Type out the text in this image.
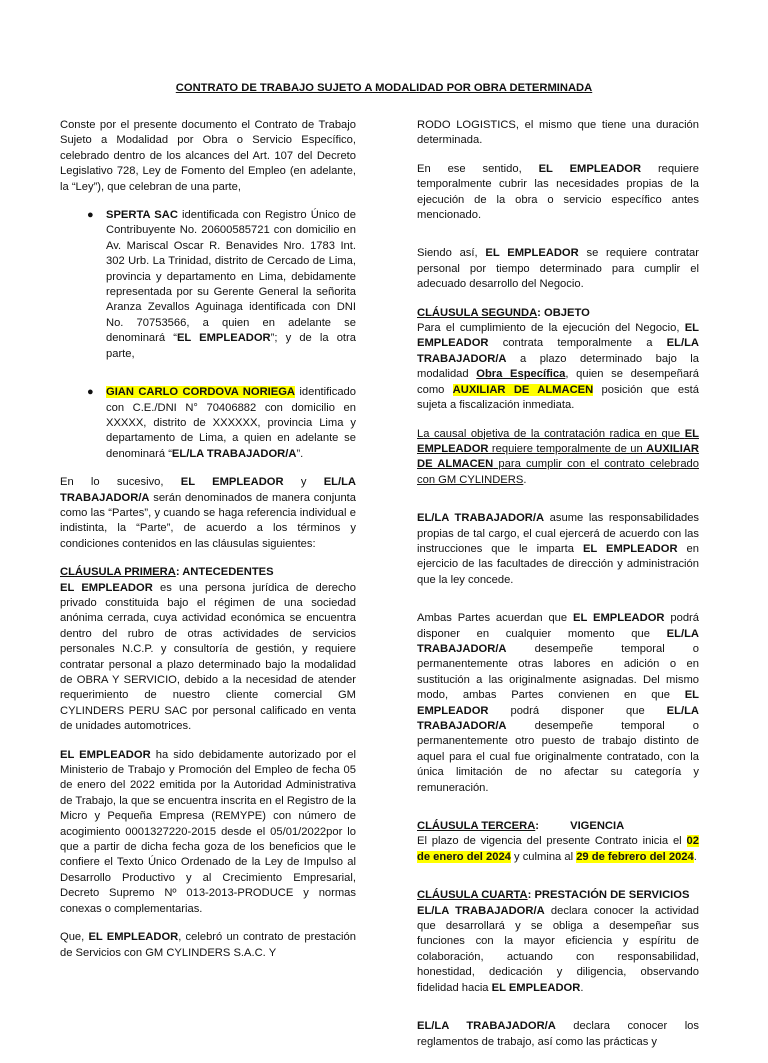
CONTRATO DE TRABAJO SUJETO A MODALIDAD POR OBRA DETERMINADA

Conste por el presente documento el Contrato de Trabajo Sujeto a Modalidad por Obra o Servicio Específico, celebrado dentro de los alcances del Art. 107 del Decreto Legislativo 728, Ley de Fomento del Empleo (en adelante, la “Ley”), que celebran de una parte,

● SPERTA SAC identificada con Registro Único de Contribuyente No. 20600585721 con domicilio en Av. Mariscal Oscar R. Benavides Nro. 1783 Int. 302 Urb. La Trinidad, distrito de Cercado de Lima, provincia y departamento en Lima, debidamente representada por su Gerente General la señorita Aranza Zevallos Aguinaga identificada con DNI No. 70753566, a quien en adelante se denominará “EL EMPLEADOR”; y de la otra parte,
● GIAN CARLO CORDOVA NORIEGA identificado con C.E./DNI N° 70406882 con domicilio en XXXXX, distrito de XXXXXX, provincia Lima y departamento de Lima, a quien en adelante se denominará “EL/LA TRABAJADOR/A”.

En lo sucesivo, EL EMPLEADOR y EL/LA TRABAJADOR/A serán denominados de manera conjunta como las “Partes”, y cuando se haga referencia individual e indistinta, la “Parte”, de acuerdo a los términos y condiciones contenidos en las cláusulas siguientes:

CLÁUSULA PRIMERA: ANTECEDENTES

EL EMPLEADOR es una persona jurídica de derecho privado constituida bajo el régimen de una sociedad anónima cerrada, cuya actividad económica se encuentra dentro del rubro de otras actividades de servicios personales N.C.P. y consultoría de gestión, y requiere contratar personal a plazo determinado bajo la modalidad de OBRA Y SERVICIO, debido a la necesidad de atender requerimiento de nuestro cliente comercial GM CYLINDERS PERU SAC por personal calificado en venta de unidades automotrices.

EL EMPLEADOR ha sido debidamente autorizado por el Ministerio de Trabajo y Promoción del Empleo de fecha 05 de enero del 2022 emitida por la Autoridad Administrativa de Trabajo, la que se encuentra inscrita en el Registro de la Micro y Pequeña Empresa (REMYPE) con número de acogimiento 0001327220-2015 desde el 05/01/2022por lo que a partir de dicha fecha goza de los beneficios que le confiere el Texto Único Ordenado de la Ley de Impulso al Desarrollo Productivo y al Crecimiento Empresarial, Decreto Supremo Nº 013-2013-PRODUCE y normas conexas o complementarias.

Que, EL EMPLEADOR, celebró un contrato de prestación de Servicios con GM CYLINDERS S.A.C. Y

RODO LOGISTICS, el mismo que tiene una duración determinada.

En ese sentido, EL EMPLEADOR requiere temporalmente cubrir las necesidades propias de la ejecución de la obra o servicio específico antes mencionado.

Siendo así, EL EMPLEADOR se requiere contratar personal por tiempo determinado para cumplir el adecuado desarrollo del Negocio.

CLÁUSULA SEGUNDA: OBJETO

Para el cumplimiento de la ejecución del Negocio, EL EMPLEADOR contrata temporalmente a EL/LA TRABAJADOR/A a plazo determinado bajo la modalidad Obra Específica, quien se desempeñará como AUXILIAR DE ALMACEN posición que está sujeta a fiscalización inmediata.

La causal objetiva de la contratación radica en que EL EMPLEADOR requiere temporalmente de un AUXILIAR DE ALMACEN para cumplir con el contrato celebrado con GM CYLINDERS.

EL/LA TRABAJADOR/A asume las responsabilidades propias de tal cargo, el cual ejercerá de acuerdo con las instrucciones que le imparta EL EMPLEADOR en ejercicio de las facultades de dirección y administración que la ley concede.

Ambas Partes acuerdan que EL EMPLEADOR podrá disponer en cualquier momento que EL/LA TRABAJADOR/A desempeñe temporal o permanentemente otras labores en adición o en sustitución a las originalmente asignadas. Del mismo modo, ambas Partes convienen en que EL EMPLEADOR podrá disponer que EL/LA TRABAJADOR/A desempeñe temporal o permanentemente otro puesto de trabajo distinto de aquel para el cual fue originalmente contratado, con la única limitación de no afectar su categoría y remuneración.

CLÁUSULA TERCERA:          VIGENCIA

El plazo de vigencia del presente Contrato inicia el 02 de enero del 2024 y culmina al 29 de febrero del 2024.

CLÁUSULA CUARTA: PRESTACIÓN DE SERVICIOS

EL/LA TRABAJADOR/A declara conocer la actividad que desarrollará y se obliga a desempeñar sus funciones con la mayor eficiencia y espíritu de colaboración, actuando con responsabilidad, honestidad, dedicación y diligencia, observando fidelidad hacia EL EMPLEADOR.

EL/LA TRABAJADOR/A declara conocer los reglamentos de trabajo, así como las prácticas y
